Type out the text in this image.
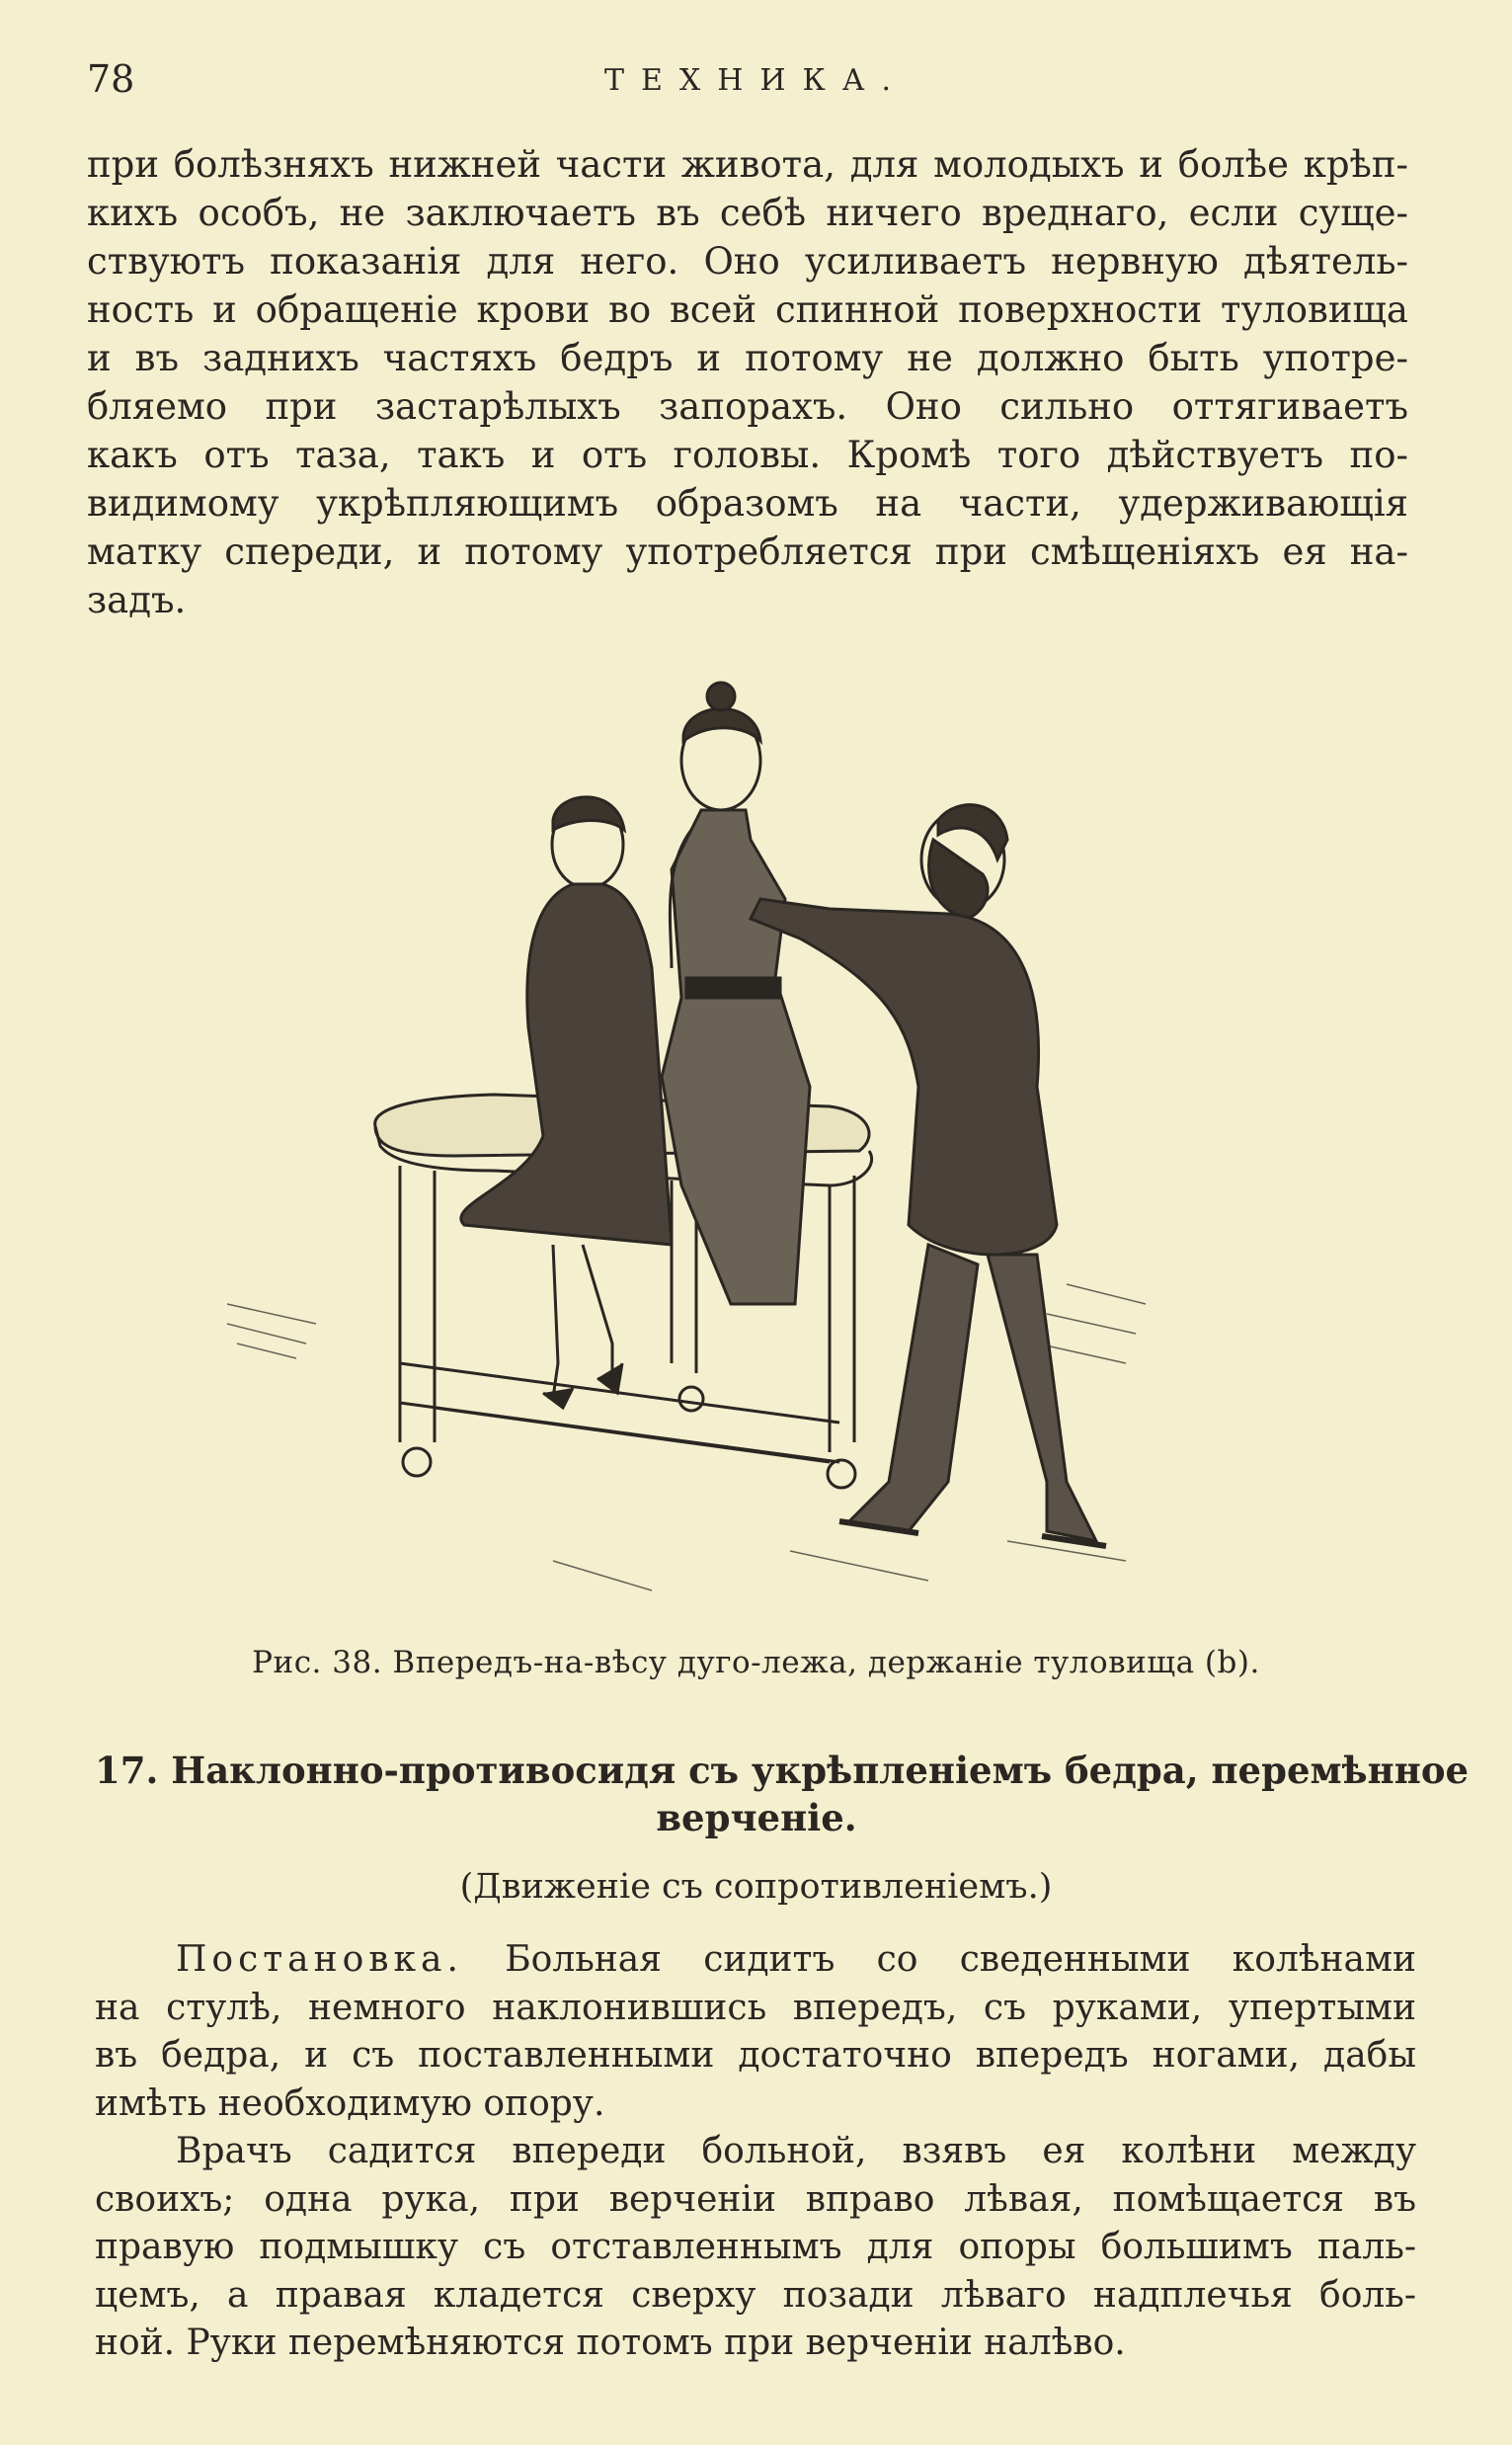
78	ТЕХНИКА.
при болѣзняхъ нижней части живота, для молодыхъ и болѣе крѣп-
кихъ особъ, не заключаетъ въ себѣ ничего вреднаго, если суще-
ствуютъ показанія для него. Оно усиливаетъ нервную дѣятель-
ность и обращеніе крови во всей спинной поверхности туловища
и въ заднихъ частяхъ бедръ и потому не должно быть употре-
бляемо при застарѣлыхъ запорахъ. Оно сильно оттягиваетъ
какъ отъ таза, такъ и отъ головы. Кромѣ того дѣйствуетъ по-
видимому укрѣпляющимъ образомъ на части, удерживающія
матку спереди, и потому употребляется при смѣщеніяхъ ея на-
задъ.
Рис. 38. Впередъ-на-вѣсу дуго-лежа, держаніе туловища (b).
17. Наклонно-противосидя съ укрѣпленіемъ бедра, перемѣнное
верченіе.
(Движеніе съ сопротивленіемъ.)
Постановка. Больная сидитъ со сведенными колѣнами
на стулѣ, немного наклонившись впередъ, съ руками, упертыми
въ бедра, и съ поставленными достаточно впередъ ногами, дабы
имѣть необходимую опору.
Врачъ садится впереди больной, взявъ ея колѣни между
своихъ; одна рука, при верченіи вправо лѣвая, помѣщается въ
правую подмышку съ отставленнымъ для опоры большимъ паль-
цемъ, а правая кладется сверху позади лѣваго надплечья боль-
ной. Руки перемѣняются потомъ при верченіи налѣво.
